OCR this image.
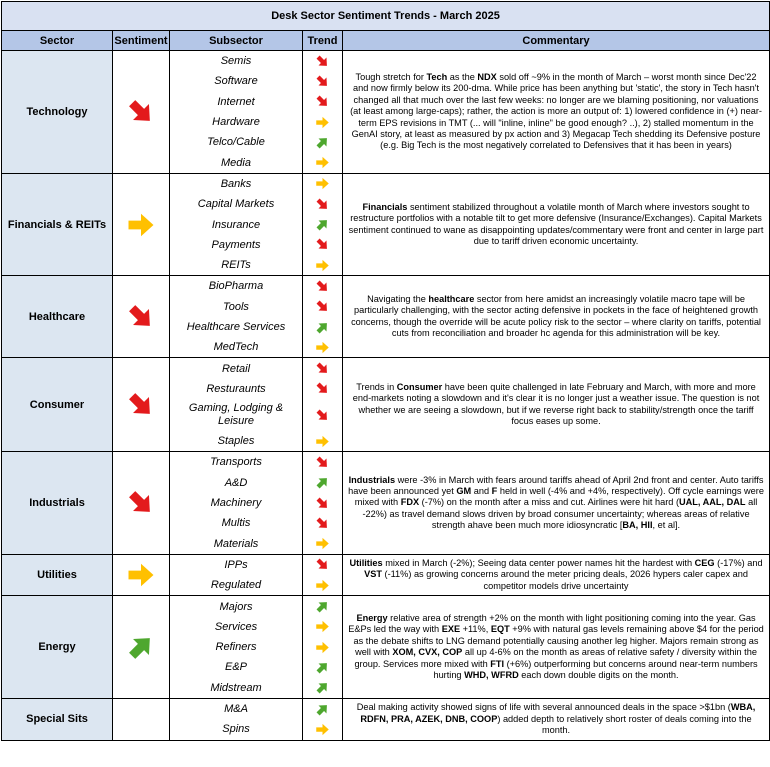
Desk Sector Sentiment Trends - March 2025				
Sector	Sentiment	Subsector	Trend	Commentary
Technology		Semis		Tough stretch for Tech as the NDX sold off ~9% in the month of March – worst month since Dec'22 and now firmly below its 200-dma. While price has been anything but 'static', the story in Tech hasn't changed all that much over the last few weeks: no longer are we blaming positioning, nor valuations (at least among large-caps); rather, the action is more an output of: 1) lowered confidence in (+) near-term EPS revisions in TMT (... will "inline, inline" be good enough? ..), 2) stalled momentum in the GenAI story, at least as measured by px action and 3) Megacap Tech shedding its Defensive posture (e.g. Big Tech is the most negatively correlated to Defensives that it has been in years)
		Software	

		Internet	

		Hardware	

		Telco/Cable	

		Media	

Financials & REITs		Banks		Financials sentiment stabilized throughout a volatile month of March where investors sought to restructure portfolios with a notable tilt to get more defensive (Insurance/Exchanges). Capital Markets sentiment continued to wane as disappointing updates/commentary were front and center in large part due to tariff driven economic uncertainty.
		Capital Markets	

		Insurance	

		Payments	

		REITs	

Healthcare		BioPharma		Navigating the healthcare sector from here amidst an increasingly volatile macro tape will be particularly challenging, with the sector acting defensive in pockets in the face of heightened growth concerns, though the override will be acute policy risk to the sector – where clarity on tariffs, potential cuts from reconciliation and broader hc agenda for this administration will be key.
		Tools	

		Healthcare Services	

		MedTech	

Consumer		Retail		Trends in Consumer have been quite challenged in late February and March, with more and more end-markets noting a slowdown and it's clear it is no longer just a weather issue. The question is not whether we are seeing a slowdown, but if we reverse right back to stability/strength once the tariff focus eases up some.
		Resturaunts	

		Gaming, Lodging & Leisure	

		Staples	

Industrials		Transports		Industrials were -3% in March with fears around tariffs ahead of April 2nd front and center. Auto tariffs have been announced yet GM and F held in well (-4% and +4%, respectively). Off cycle earnings were mixed with FDX (-7%) on the month after a miss and cut. Airlines were hit hard (UAL, AAL, DAL all -22%) as travel demand slows driven by broad consumer uncertainty; whereas areas of relative strength ahave been much more idiosyncratic [BA, HII, et al].
		A&D	

		Machinery	

		Multis	

		Materials	

Utilities		IPPs		Utilities mixed in March (-2%); Seeing data center power names hit the hardest with CEG (-17%) and VST (-11%) as growing concerns around the meter pricing deals, 2026 hypers caler capex and competitor models drive uncertainty
		Regulated	

Energy		Majors		Energy relative area of strength +2% on the month with light positioning coming into the year. Gas E&Ps led the way with EXE +11%, EQT +9% with natural gas levels remaining above $4 for the period as the debate shifts to LNG demand potentially causing another leg higher. Majors remain strong as well with XOM, CVX, COP all up 4-6% on the month as areas of relative safety / diversity within the group. Services more mixed with FTI (+6%) outperforming but concerns around near-term numbers hurting WHD, WFRD each down double digits on the month.
		Services	

		Refiners	

		E&P	

		Midstream	

Special Sits		M&A		Deal making activity showed signs of life with several announced deals in the space >$1bn (WBA, RDFN, PRA, AZEK, DNB, COOP) added depth to relatively short roster of deals coming into the month.
		Spins	
